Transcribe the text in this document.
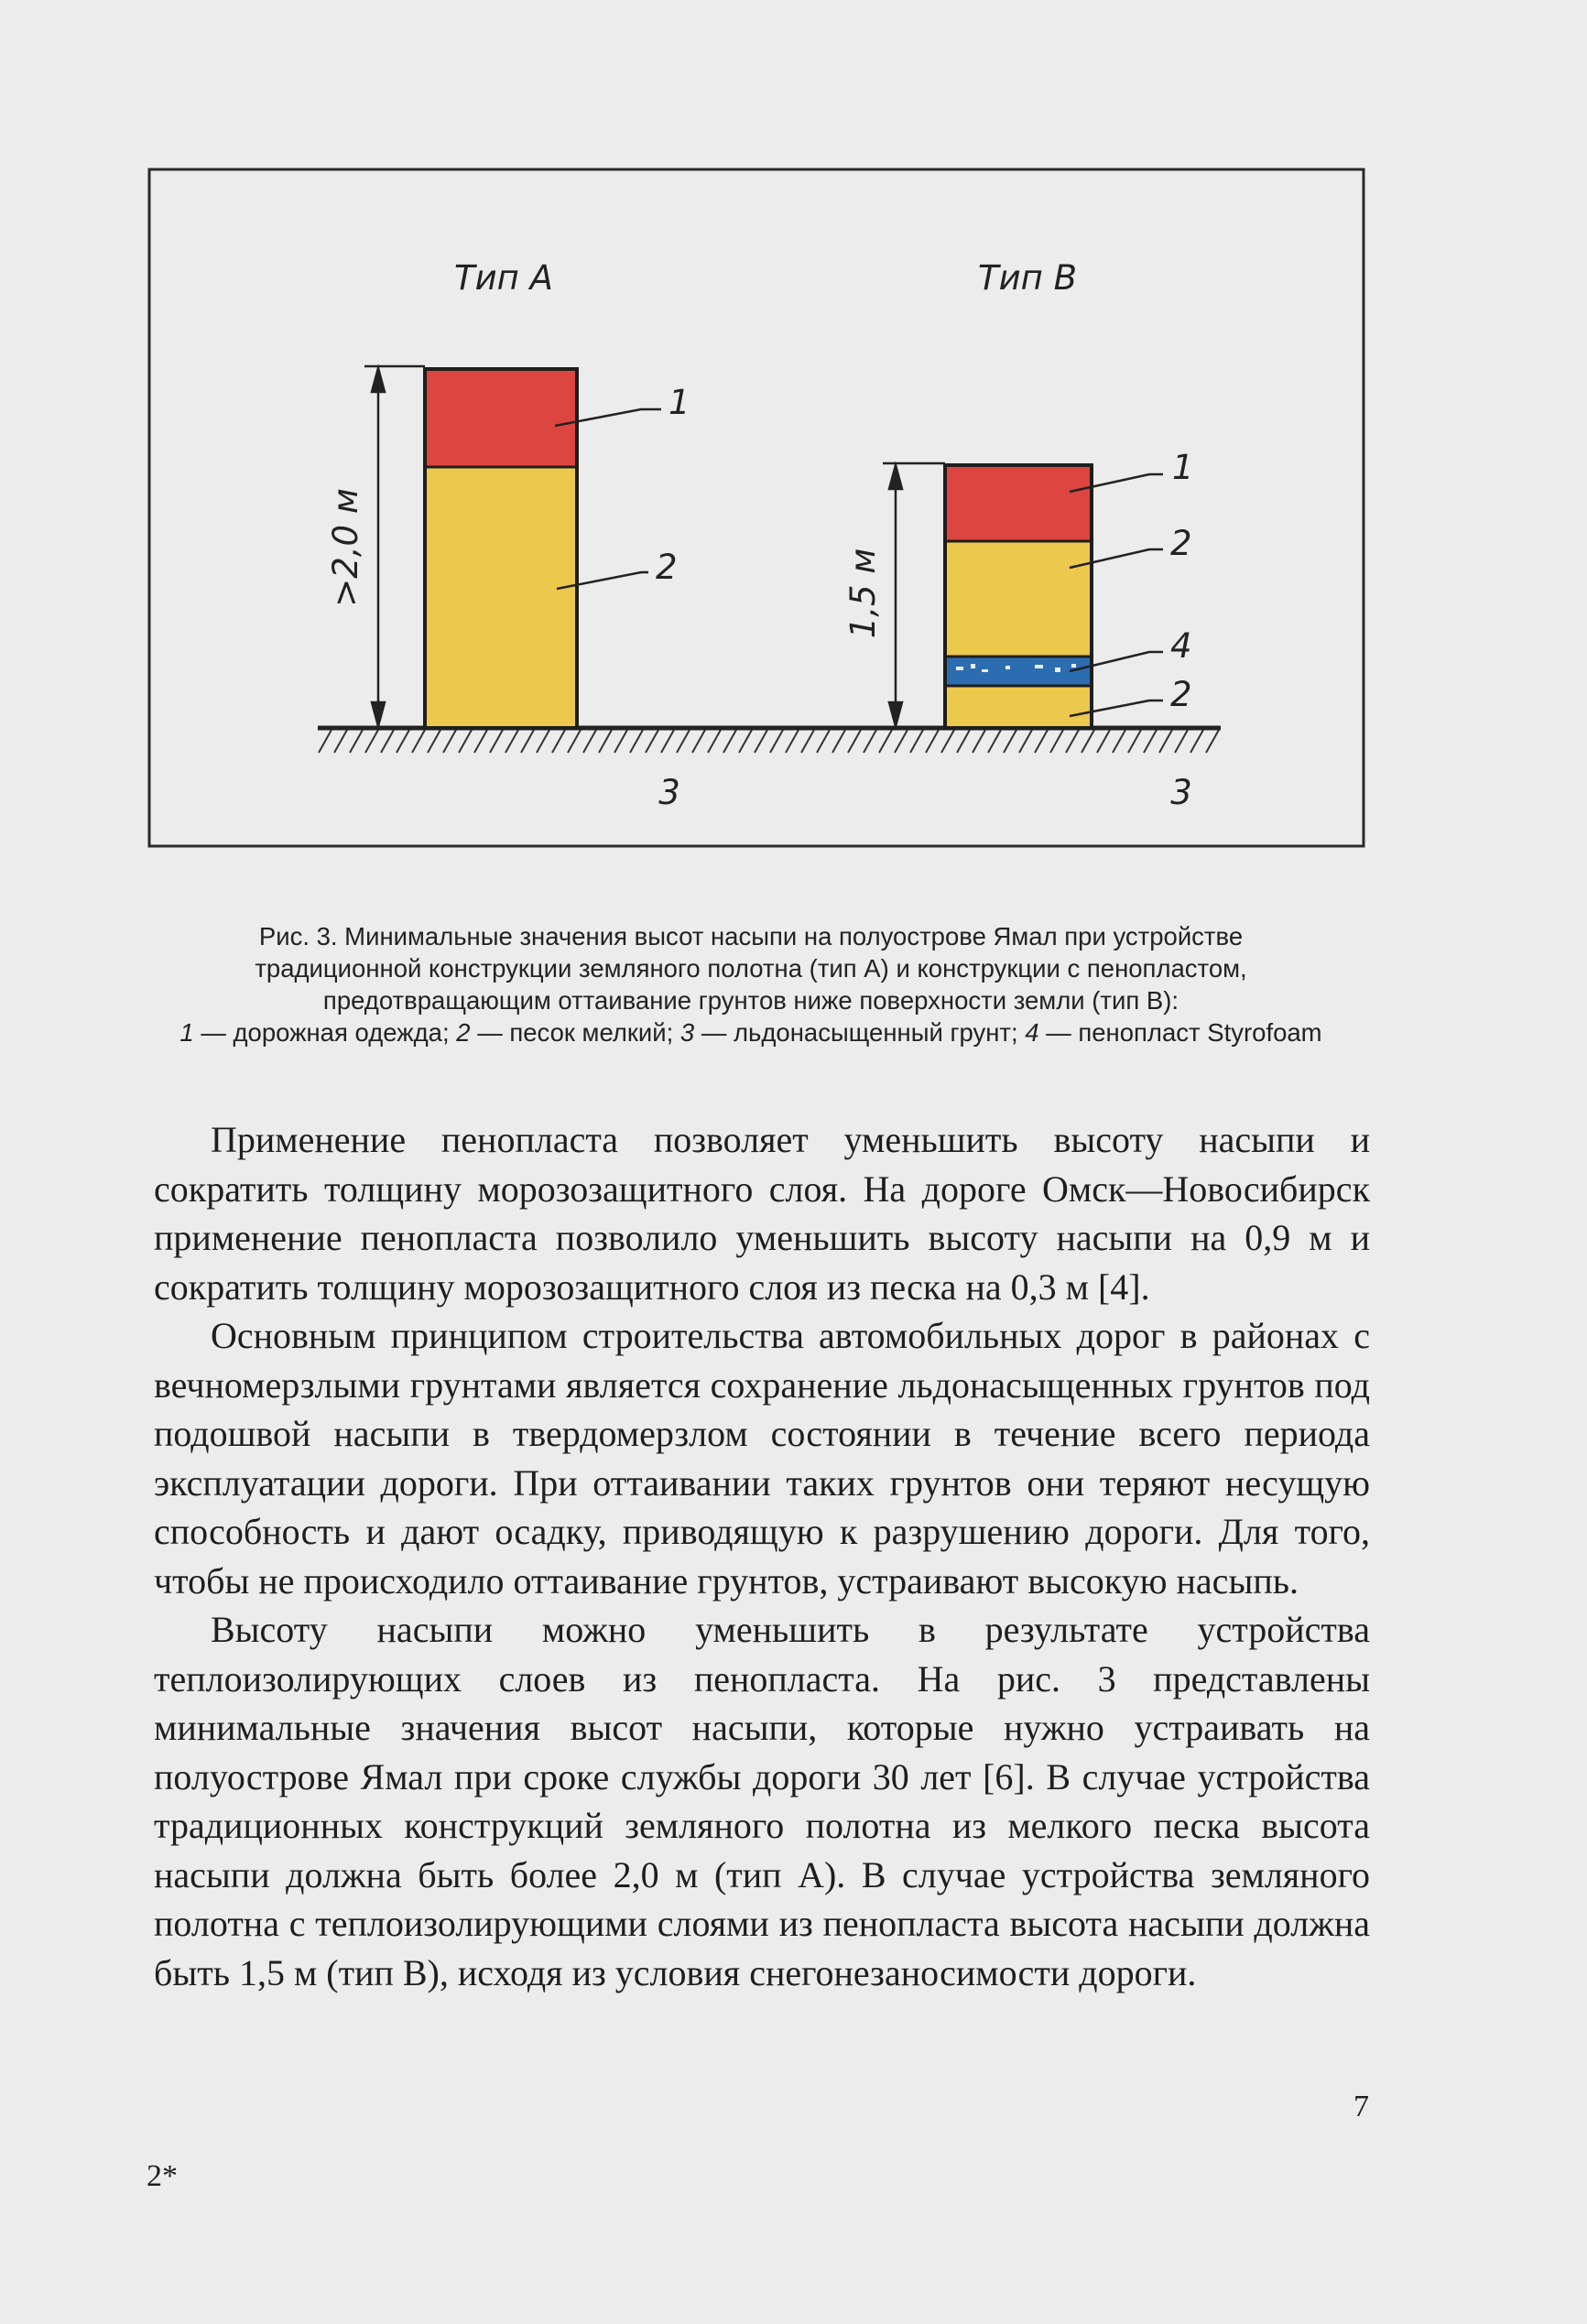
Тип А	Тип В
>2,0 м
1
2	1,5 м
1
2
4
2
3	3
Рис. 3. Минимальные значения высот насыпи на полуострове Ямал при устройстве
традиционной конструкции земляного полотна (тип А) и конструкции с пенопластом,
предотвращающим оттаивание грунтов ниже поверхности земли (тип В):
1 — дорожная одежда; 2 — песок мелкий; 3 — льдонасыщенный грунт; 4 — пенопласт Styrofoam

Применение пенопласта позволяет уменьшить высоту насыпи и сократить толщину морозозащитного слоя. На дороге Омск—Новосибирск применение пенопласта позволило уменьшить высоту насыпи на 0,9 м и сократить толщину морозозащитного слоя из песка на 0,3 м [4].

Основным принципом строительства автомобильных дорог в районах с вечномерзлыми грунтами является сохранение льдонасыщенных грунтов под подошвой насыпи в твердомерзлом состоянии в течение всего периода эксплуатации дороги. При оттаивании таких грунтов они теряют несущую способность и дают осадку, приводящую к разрушению дороги. Для того, чтобы не происходило оттаивание грунтов, устраивают высокую насыпь.

Высоту насыпи можно уменьшить в результате устройства теплоизолирующих слоев из пенопласта. На рис. 3 представлены минимальные значения высот насыпи, которые нужно устраивать на полуострове Ямал при сроке службы дороги 30 лет [6]. В случае устройства традиционных конструкций земляного полотна из мелкого песка высота насыпи должна быть более 2,0 м (тип А). В случае устройства земляного полотна с теплоизолирующими слоями из пенопласта высота насыпи должна быть 1,5 м (тип В), исходя из условия снегонезаносимости дороги.

7
2*
